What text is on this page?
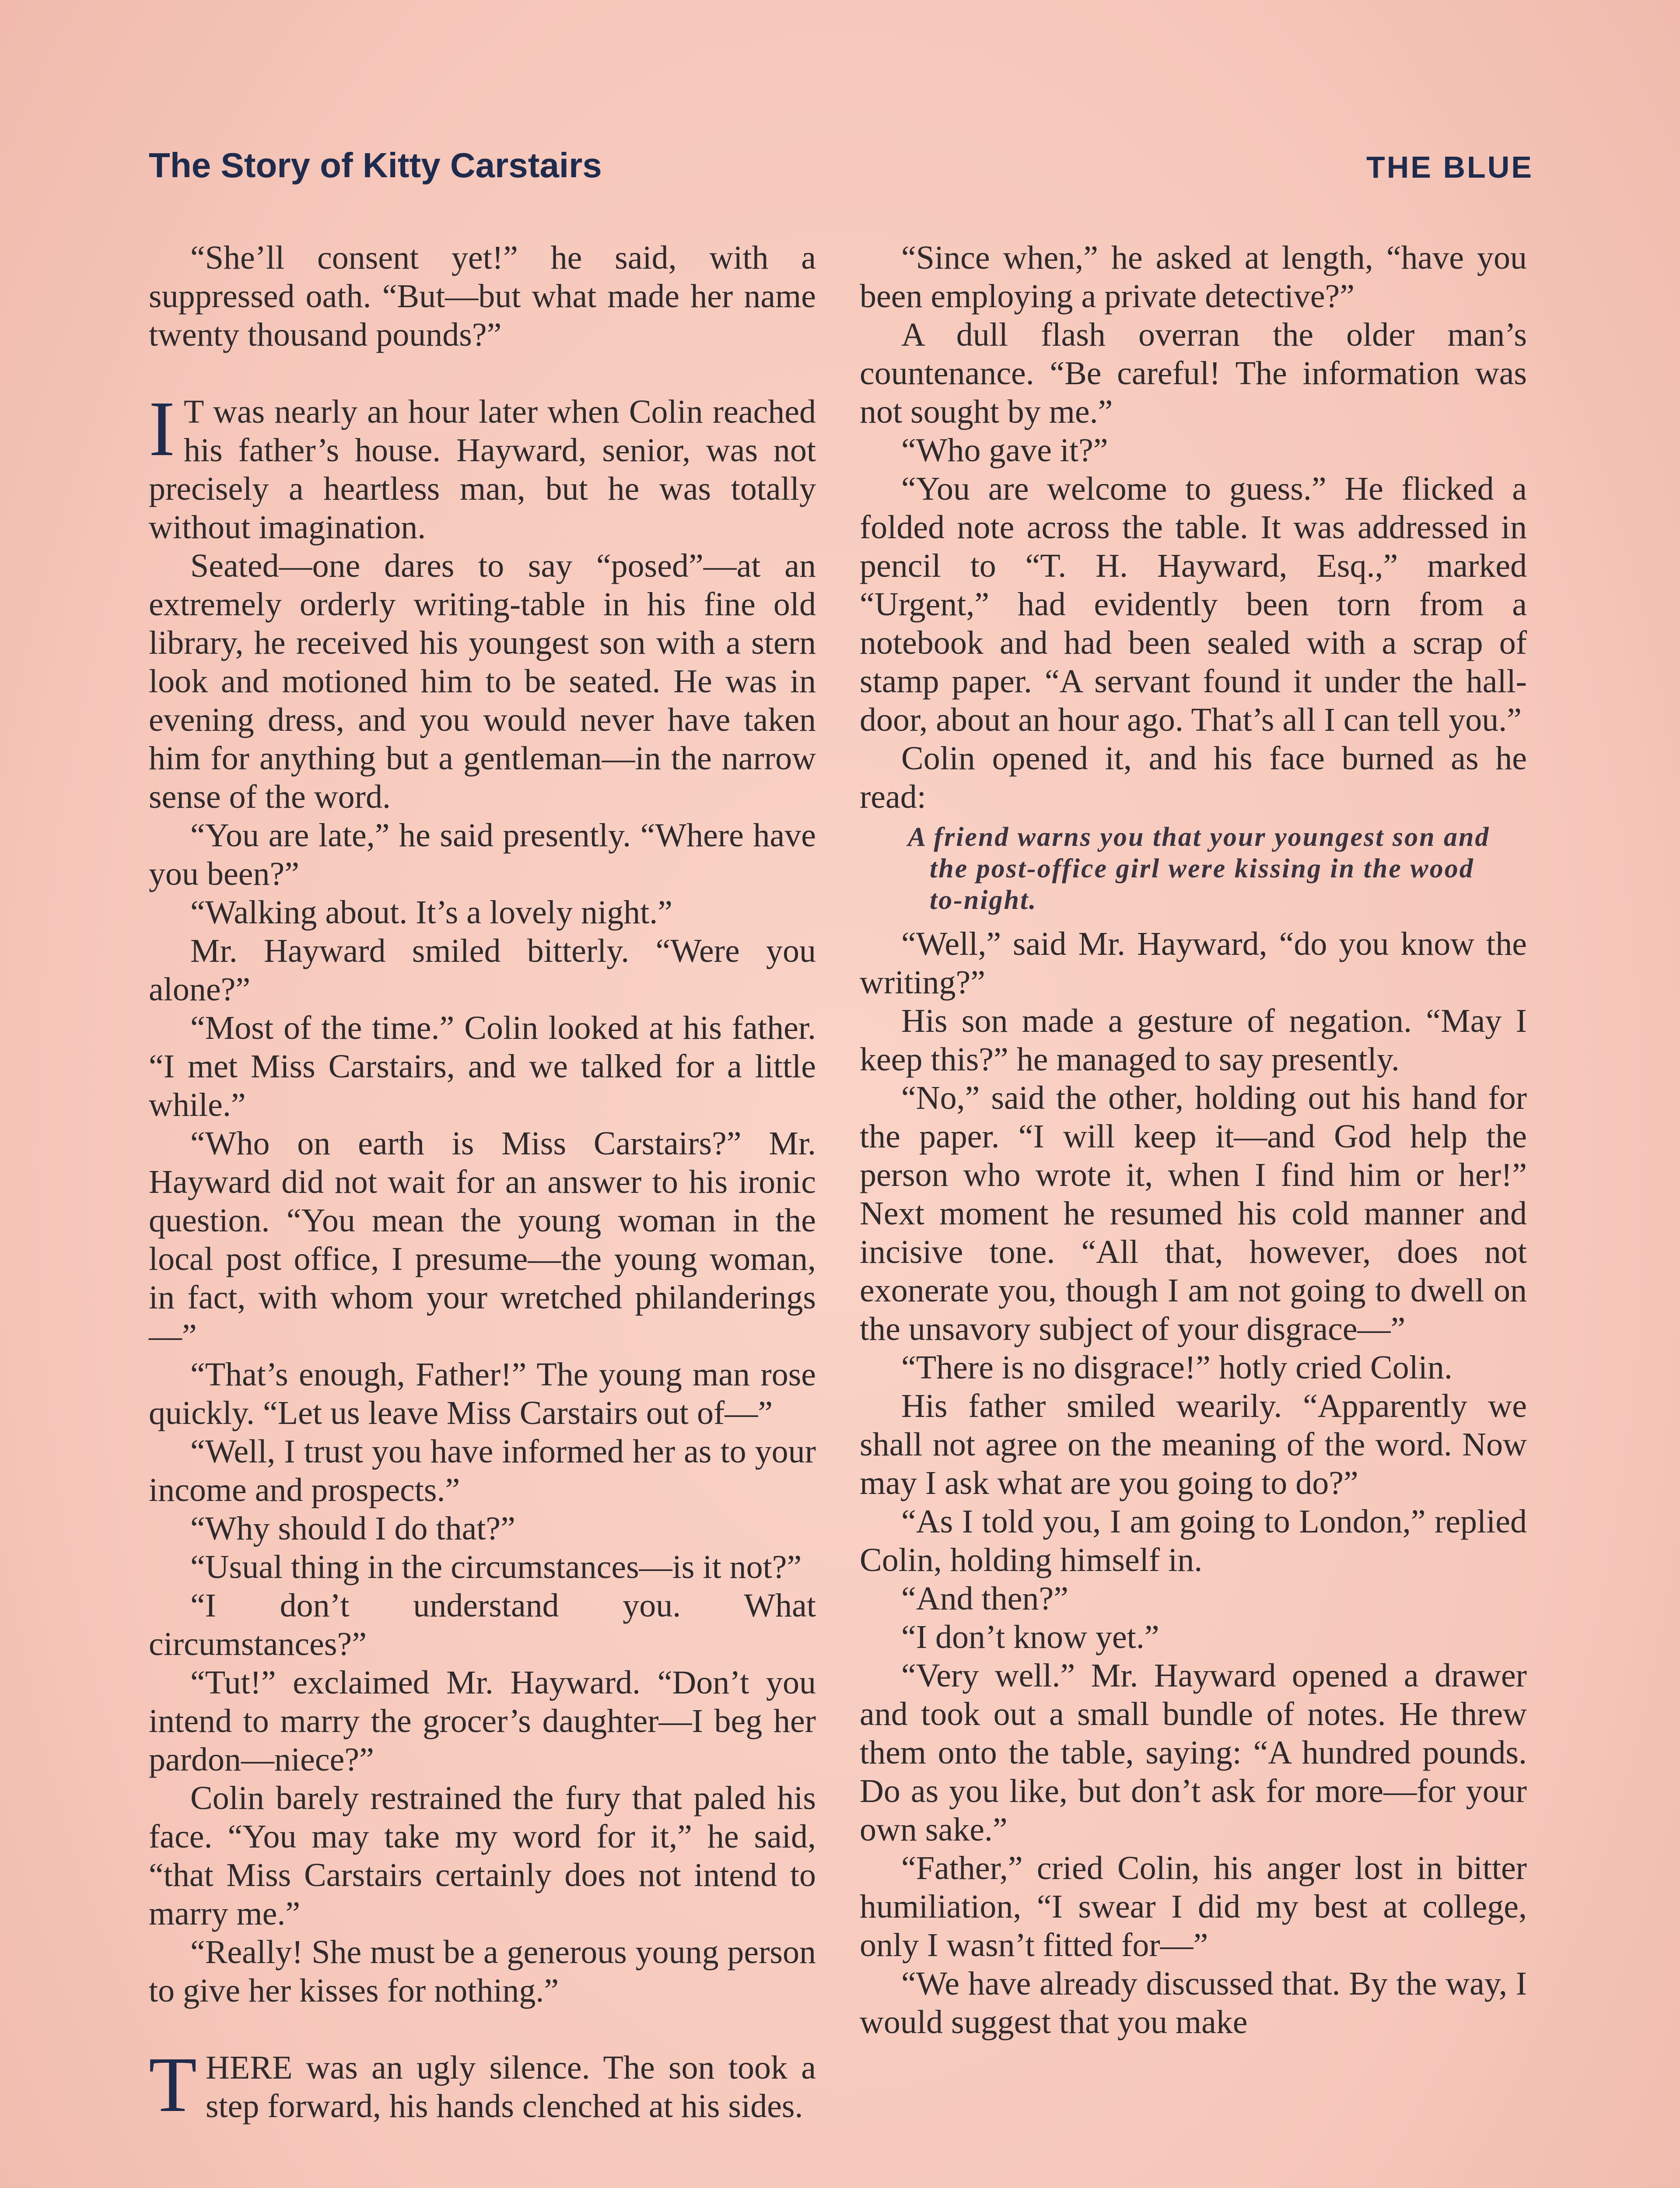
The Story of Kitty Carstairs	THE BLUE

“She’ll consent yet!” he said, with a suppressed oath. “But—but what made her name twenty thousand pounds?”

I T was nearly an hour later when Colin reached his father’s house. Hayward, senior, was not precisely a heartless man, but he was totally without imagination.

Seated—one dares to say “posed”—at an extremely orderly writing-table in his fine old library, he received his youngest son with a stern look and motioned him to be seated. He was in evening dress, and you would never have taken him for anything but a gentleman—in the narrow sense of the word.

“You are late,” he said presently. “Where have you been?”

“Walking about. It’s a lovely night.”

Mr. Hayward smiled bitterly. “Were you alone?”

“Most of the time.” Colin looked at his father. “I met Miss Carstairs, and we talked for a little while.”

“Who on earth is Miss Carstairs?” Mr. Hayward did not wait for an answer to his ironic question. “You mean the young woman in the local post office, I presume—the young woman, in fact, with whom your wretched philanderings—”

“That’s enough, Father!” The young man rose quickly. “Let us leave Miss Carstairs out of—”

“Well, I trust you have informed her as to your income and prospects.”

“Why should I do that?”

“Usual thing in the circumstances—is it not?”

“I don’t understand you. What circumstances?”

“Tut!” exclaimed Mr. Hayward. “Don’t you intend to marry the grocer’s daughter—I beg her pardon—niece?”

Colin barely restrained the fury that paled his face. “You may take my word for it,” he said, “that Miss Carstairs certainly does not intend to marry me.”

“Really! She must be a generous young person to give her kisses for nothing.”

THERE was an ugly silence. The son took a step forward, his hands clenched at his sides.

“Since when,” he asked at length, “have you been employing a private detective?”

A dull flash overran the older man’s countenance. “Be careful! The information was not sought by me.”

“Who gave it?”

“You are welcome to guess.” He flicked a folded note across the table. It was addressed in pencil to “T. H. Hayward, Esq.,” marked “Urgent,” had evidently been torn from a notebook and had been sealed with a scrap of stamp paper. “A servant found it under the hall-door, about an hour ago. That’s all I can tell you.”

Colin opened it, and his face burned as he read:

A friend warns you that your youngest son and the post-office girl were kissing in the wood to-night.

“Well,” said Mr. Hayward, “do you know the writing?”

His son made a gesture of negation. “May I keep this?” he managed to say presently.

“No,” said the other, holding out his hand for the paper. “I will keep it—and God help the person who wrote it, when I find him or her!” Next moment he resumed his cold manner and incisive tone. “All that, however, does not exonerate you, though I am not going to dwell on the unsavory subject of your disgrace—”

“There is no disgrace!” hotly cried Colin.

His father smiled wearily. “Apparently we shall not agree on the meaning of the word. Now may I ask what are you going to do?”

“As I told you, I am going to London,” replied Colin, holding himself in.

“And then?”

“I don’t know yet.”

“Very well.” Mr. Hayward opened a drawer and took out a small bundle of notes. He threw them onto the table, saying: “A hundred pounds. Do as you like, but don’t ask for more—for your own sake.”

“Father,” cried Colin, his anger lost in bitter humiliation, “I swear I did my best at college, only I wasn’t fitted for—”

“We have already discussed that. By the way, I would suggest that you make
